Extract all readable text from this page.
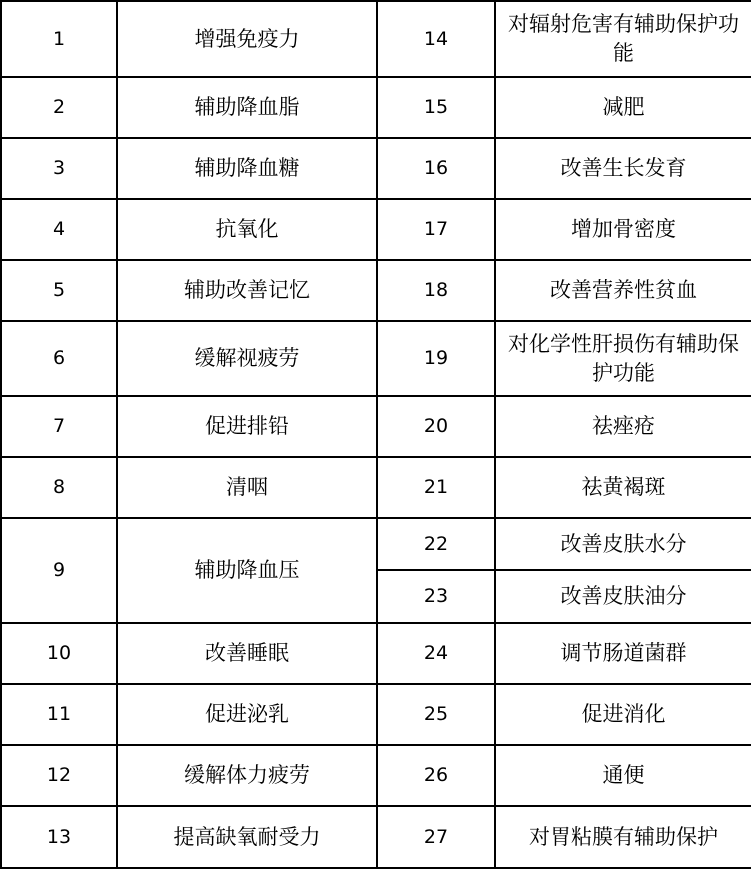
1	增强免疫力	14	对辐射危害有辅助保护功能
2	辅助降血脂	15	减肥
3	辅助降血糖	16	改善生长发育
4	抗氧化	17	增加骨密度
5	辅助改善记忆	18	改善营养性贫血
6	缓解视疲劳	19	对化学性肝损伤有辅助保护功能
7	促进排铅	20	祛痤疮
8	清咽	21	祛黄褐斑
9	辅助降血压	22	改善皮肤水分
		23	改善皮肤油分
10	改善睡眠	24	调节肠道菌群
11	促进泌乳	25	促进消化
12	缓解体力疲劳	26	通便
13	提高缺氧耐受力	27	对胃粘膜有辅助保护
